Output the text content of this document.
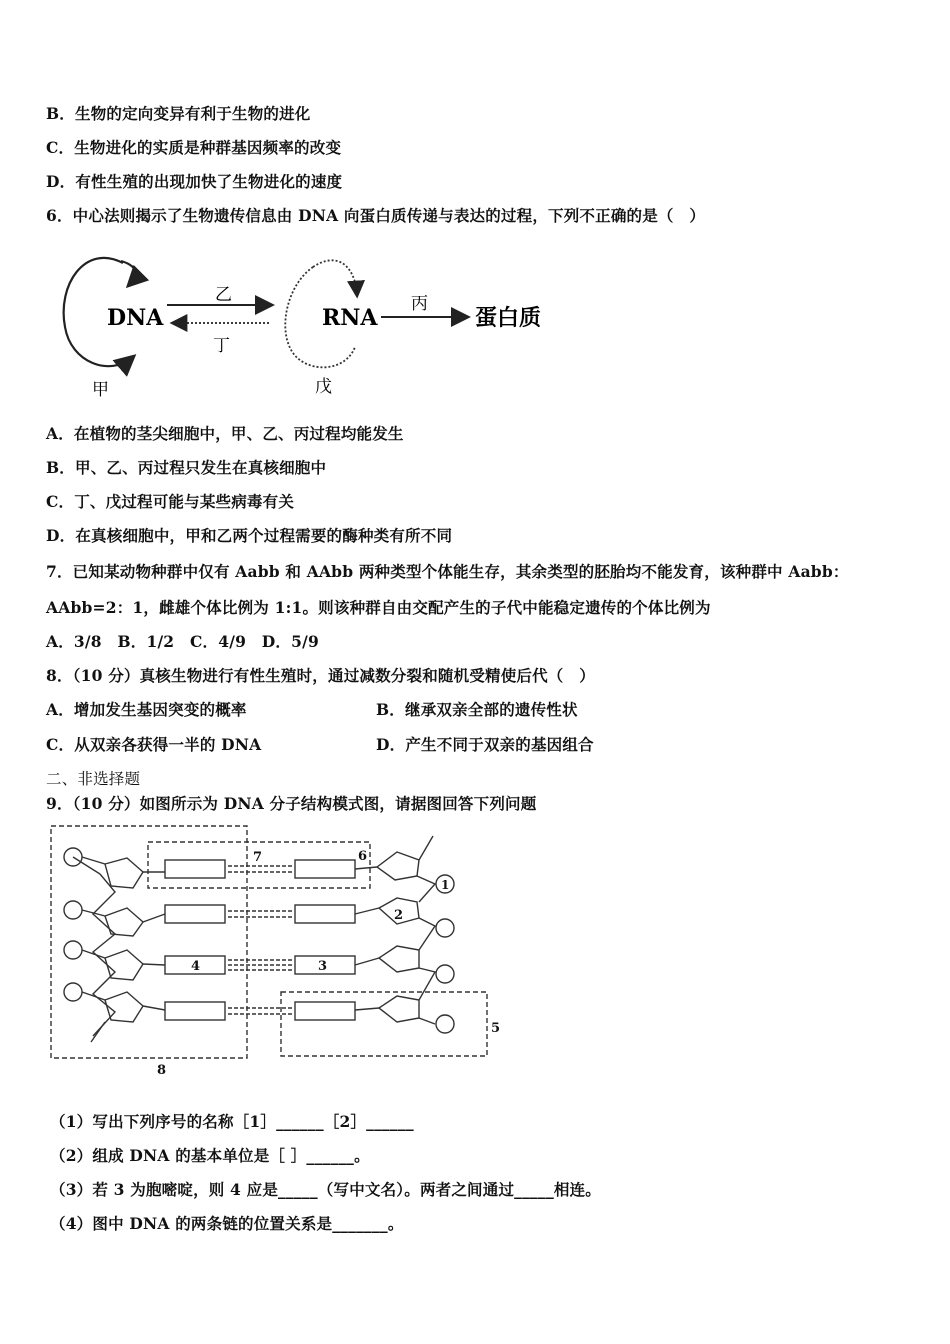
B．生物的定向变异有利于生物的进化
C．生物进化的实质是种群基因频率的改变
D．有性生殖的出现加快了生物进化的速度
6．中心法则揭示了生物遗传信息由 DNA 向蛋白质传递与表达的过程，下列不正确的是（　）
DNA
乙
丁
RNA
丙
蛋白质
甲	戊
A．在植物的茎尖细胞中，甲、乙、丙过程均能发生
B．甲、乙、丙过程只发生在真核细胞中
C．丁、戊过程可能与某些病毒有关
D．在真核细胞中，甲和乙两个过程需要的酶种类有所不同
7．已知某动物种群中仅有 Aabb 和 AAbb 两种类型个体能生存，其余类型的胚胎均不能发育，该种群中 Aabb：
AAbb=2：1，雌雄个体比例为 1:1。则该种群自由交配产生的子代中能稳定遗传的个体比例为
A．3/8　B．1/2　C．4/9　D．5/9
8．（10 分）真核生物进行有性生殖时，通过减数分裂和随机受精使后代（　）
A．增加发生基因突变的概率	B．继承双亲全部的遗传性状
C．从双亲各获得一半的 DNA	D．产生不同于双亲的基因组合
二、非选择题
9．（10 分）如图所示为 DNA 分子结构模式图，请据图回答下列问题
1
2
3
4
5
6
7
8
（1）写出下列序号的名称［1］______［2］______
（2）组成 DNA 的基本单位是［ ］______。
（3）若 3 为胞嘧啶，则 4 应是_____（写中文名）。两者之间通过_____相连。
（4）图中 DNA 的两条链的位置关系是_______。
